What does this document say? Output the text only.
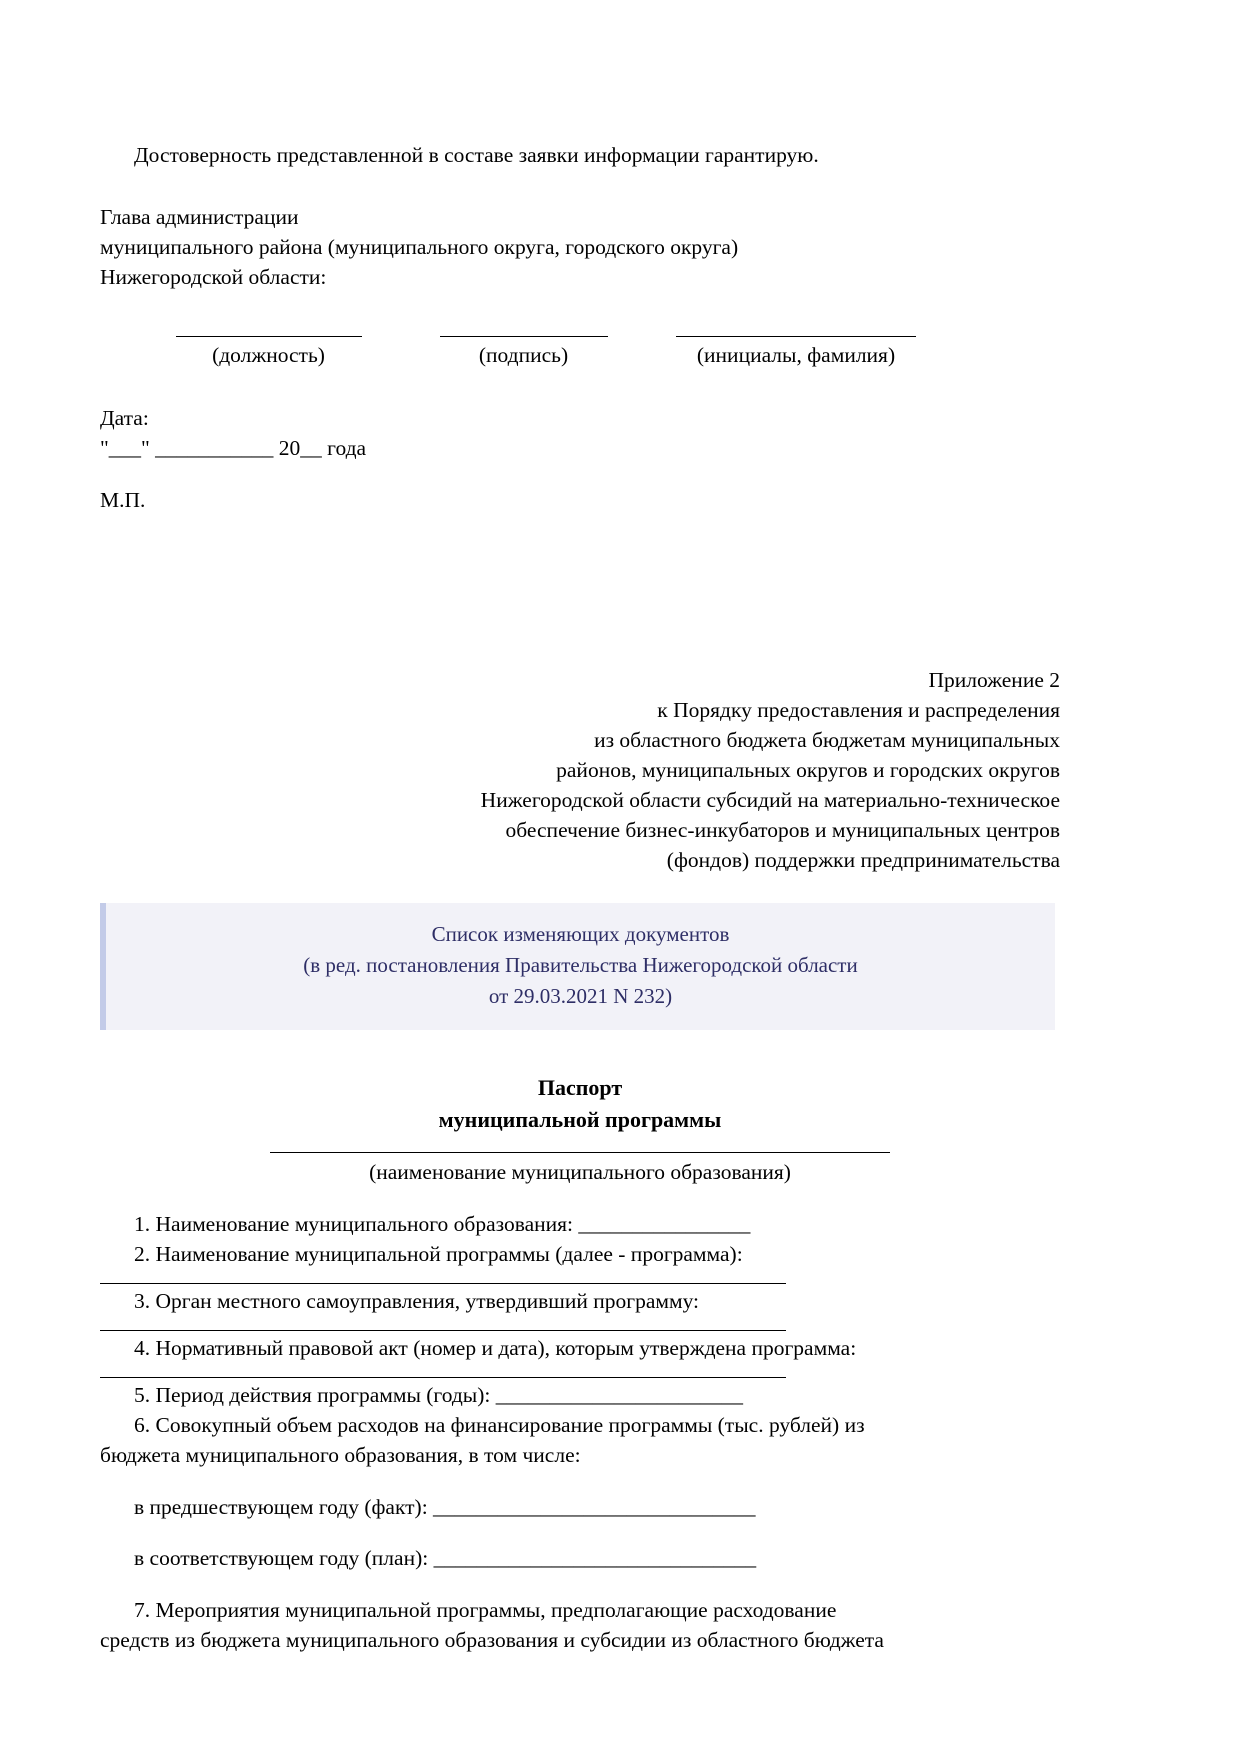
Достоверность представленной в составе заявки информации гарантирую.

Глава администрации

муниципального района (муниципального округа, городского округа)

Нижегородской области:

(должность)	(подпись)	(инициалы, фамилия)

Дата:

"___" ___________ 20__ года

М.П.

Приложение 2
к Порядку предоставления и распределения
из областного бюджета бюджетам муниципальных
районов, муниципальных округов и городских округов
Нижегородской области субсидий на материально-техническое
обеспечение бизнес-инкубаторов и муниципальных центров
(фондов) поддержки предпринимательства
Список изменяющих документов
(в ред. постановления Правительства Нижегородской области
от 29.03.2021 N 232)
Паспорт
муниципальной программы
(наименование муниципального образования)

1. Наименование муниципального образования: ________________

2. Наименование муниципальной программы (далее - программа):

3. Орган местного самоуправления, утвердивший программу:

4. Нормативный правовой акт (номер и дата), которым утверждена программа:

5. Период действия программы (годы): _______________________

6. Совокупный объем расходов на финансирование программы (тыс. рублей) из

бюджета муниципального образования, в том числе:

в предшествующем году (факт): ______________________________

в соответствующем году (план): ______________________________

7. Мероприятия муниципальной программы, предполагающие расходование

средств из бюджета муниципального образования и субсидии из областного бюджета
